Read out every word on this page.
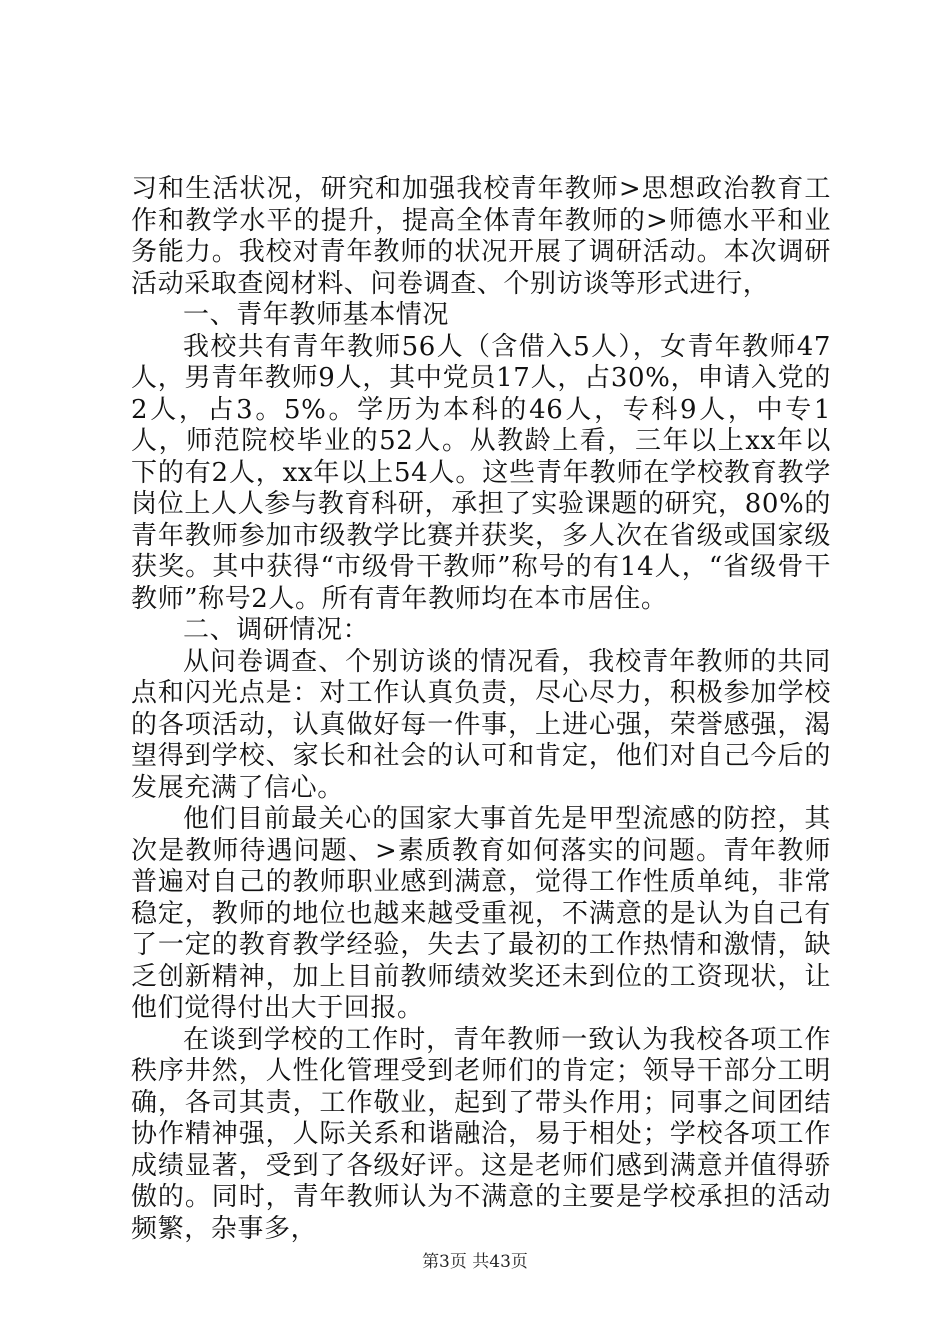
习和生活状况，研究和加强我校青年教师>思想政治教育工作和教学水平的提升，提高全体青年教师的>师德水平和业务能力。我校对青年教师的状况开展了调研活动。本次调研活动采取查阅材料、问卷调查、个别访谈等形式进行，

一、青年教师基本情况

我校共有青年教师56人（含借入5人），女青年教师47人，男青年教师9人，其中党员17人，占30%，申请入党的2人，占3。5%。学历为本科的46人，专科9人，中专1人，师范院校毕业的52人。从教龄上看，三年以上xx年以下的有2人，xx年以上54人。这些青年教师在学校教育教学岗位上人人参与教育科研，承担了实验课题的研究，80%的青年教师参加市级教学比赛并获奖，多人次在省级或国家级获奖。其中获得“市级骨干教师”称号的有14人，“省级骨干教师”称号2人。所有青年教师均在本市居住。

二、调研情况：

从问卷调查、个别访谈的情况看，我校青年教师的共同点和闪光点是：对工作认真负责，尽心尽力，积极参加学校的各项活动，认真做好每一件事，上进心强，荣誉感强，渴望得到学校、家长和社会的认可和肯定，他们对自己今后的发展充满了信心。

他们目前最关心的国家大事首先是甲型流感的防控，其次是教师待遇问题、>素质教育如何落实的问题。青年教师普遍对自己的教师职业感到满意，觉得工作性质单纯，非常稳定，教师的地位也越来越受重视，不满意的是认为自己有了一定的教育教学经验，失去了最初的工作热情和激情，缺乏创新精神，加上目前教师绩效奖还未到位的工资现状，让他们觉得付出大于回报。

在谈到学校的工作时，青年教师一致认为我校各项工作秩序井然，人性化管理受到老师们的肯定；领导干部分工明确，各司其责，工作敬业，起到了带头作用；同事之间团结协作精神强，人际关系和谐融洽，易于相处；学校各项工作成绩显著，受到了各级好评。这是老师们感到满意并值得骄傲的。同时，青年教师认为不满意的主要是学校承担的活动频繁，杂事多，

第3页 共43页
